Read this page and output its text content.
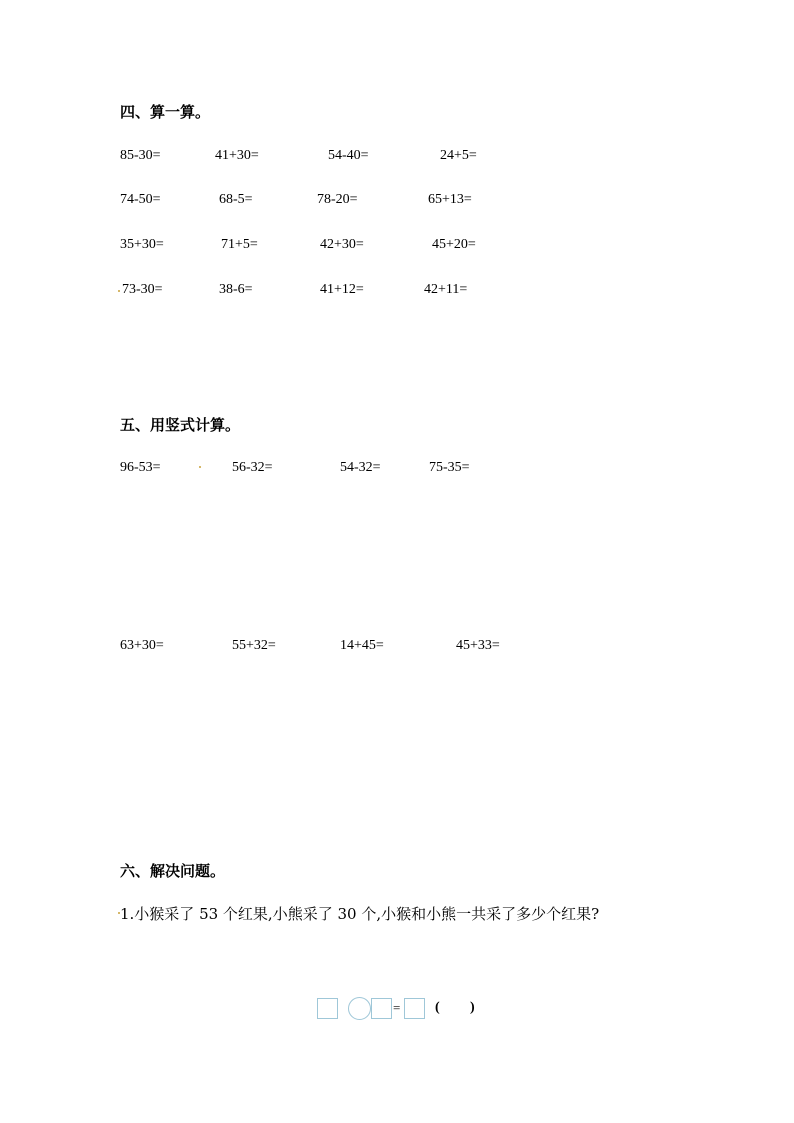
四、算一算。
85-30=	41+30=	54-40=	24+5=
74-50=	68-5=	78-20=	65+13=
35+30=	71+5=	42+30=	45+20=
73-30=	38-6=	41+12=	42+11=
五、用竖式计算。
96-53=	56-32=	54-32=	75-35=
63+30=	55+32=	14+45=	45+33=
六、解决问题。
1.小猴采了 53 个红果,小熊采了 30 个,小猴和小熊一共采了多少个红果?
= ( )
